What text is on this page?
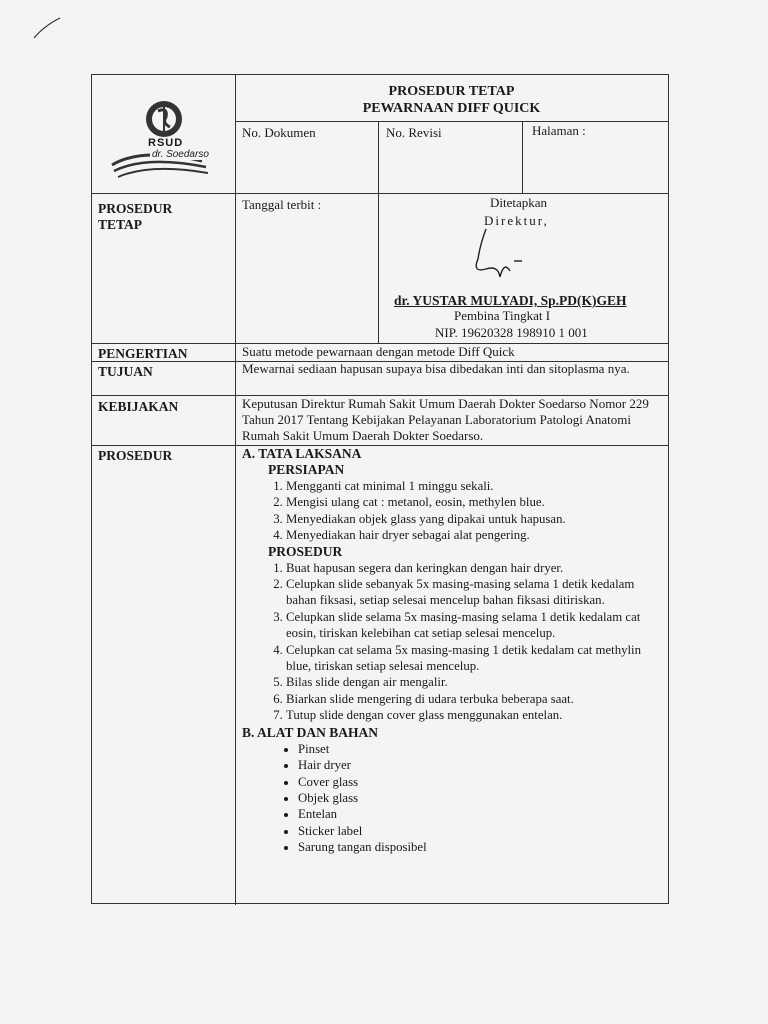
RSUD
dr. Soedarso
PROSEDUR TETAP
PEWARNAAN DIFF QUICK
No. Dokumen	No. Revisi	Halaman :
PROSEDUR
TETAP
Tanggal terbit :	Ditetapkan
Direktur,
dr. YUSTAR MULYADI, Sp.PD(K)GEH
Pembina Tingkat I
NIP. 19620328 198910 1 001
PENGERTIAN	Suatu metode pewarnaan dengan metode Diff Quick
TUJUAN	Mewarnai sediaan hapusan supaya bisa dibedakan inti dan sitoplasma nya.
KEBIJAKAN	Keputusan Direktur Rumah Sakit Umum Daerah Dokter Soedarso Nomor 229 Tahun 2017 Tentang Kebijakan Pelayanan Laboratorium Patologi Anatomi Rumah Sakit Umum Daerah Dokter Soedarso.
PROSEDUR	A. TATA LAKSANA
PERSIAPAN
1. Mengganti cat minimal 1 minggu sekali.
2. Mengisi ulang cat : metanol, eosin, methylen blue.
3. Menyediakan objek glass yang dipakai untuk hapusan.
4. Menyediakan hair dryer sebagai alat pengering.
PROSEDUR
1. Buat hapusan segera dan keringkan dengan hair dryer.
2. Celupkan slide sebanyak 5x masing-masing selama 1 detik kedalam bahan fiksasi, setiap selesai mencelup bahan fiksasi ditiriskan.
3. Celupkan slide selama 5x masing-masing selama 1 detik kedalam cat eosin, tiriskan kelebihan cat setiap selesai mencelup.
4. Celupkan cat selama 5x masing-masing 1 detik kedalam cat methylin blue, tiriskan setiap selesai mencelup.
5. Bilas slide dengan air mengalir.
6. Biarkan slide mengering di udara terbuka beberapa saat.
7. Tutup slide dengan cover glass menggunakan entelan.
B. ALAT DAN BAHAN
• Pinset
• Hair dryer
• Cover glass
• Objek glass
• Entelan
• Sticker label
• Sarung tangan disposibel
